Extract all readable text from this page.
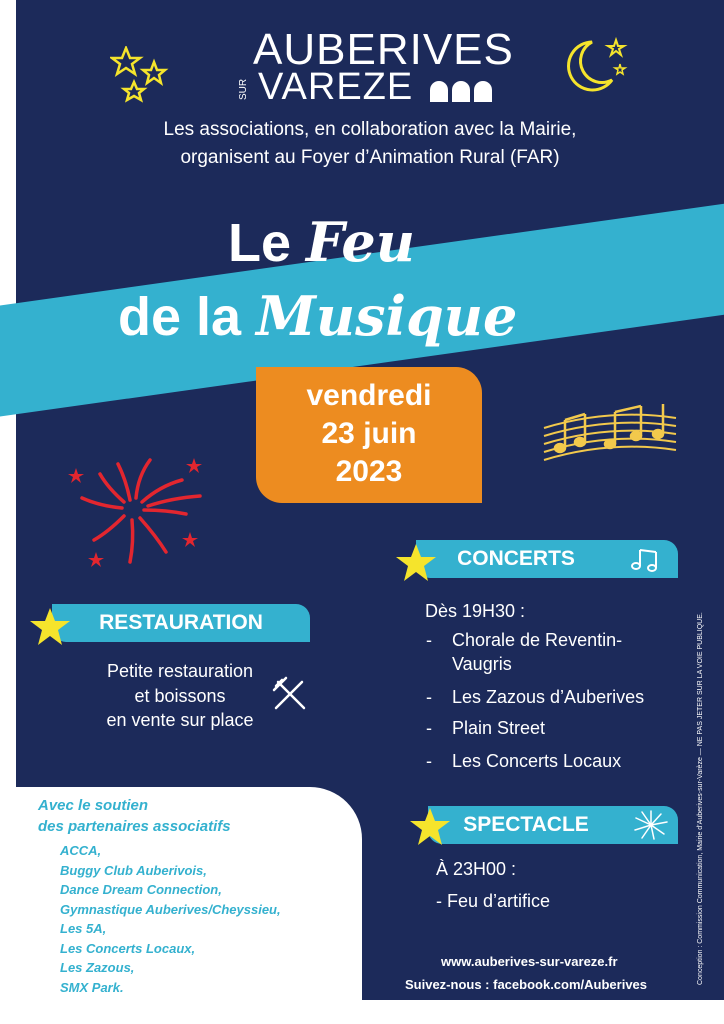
AUBERIVES
SUR VAREZE
Les associations, en collaboration avec la Mairie,
organisent au Foyer d’Animation Rural (FAR)
Le Feu
de la Musique
vendredi
23 juin
2023
CONCERTS
Dès 19H30 :
- Chorale de Reventin-
Vaugris
- Les Zazous d’Auberives
- Plain Street
- Les Concerts Locaux
RESTAURATION
Petite restauration
et boissons
en vente sur place
SPECTACLE
À 23H00 :
- Feu d’artifice
Avec le soutien
des partenaires associatifs
ACCA,
Buggy Club Auberivois,
Dance Dream Connection,
Gymnastique Auberives/Cheyssieu,
Les 5A,
Les Concerts Locaux,
Les Zazous,
SMX Park.
www.auberives-sur-vareze.fr
Suivez-nous : facebook.com/Auberives	Conception : Commission Communication, Mairie d’Auberives-sur-Varèze — NE PAS JETER SUR LA VOIE PUBLIQUE.
